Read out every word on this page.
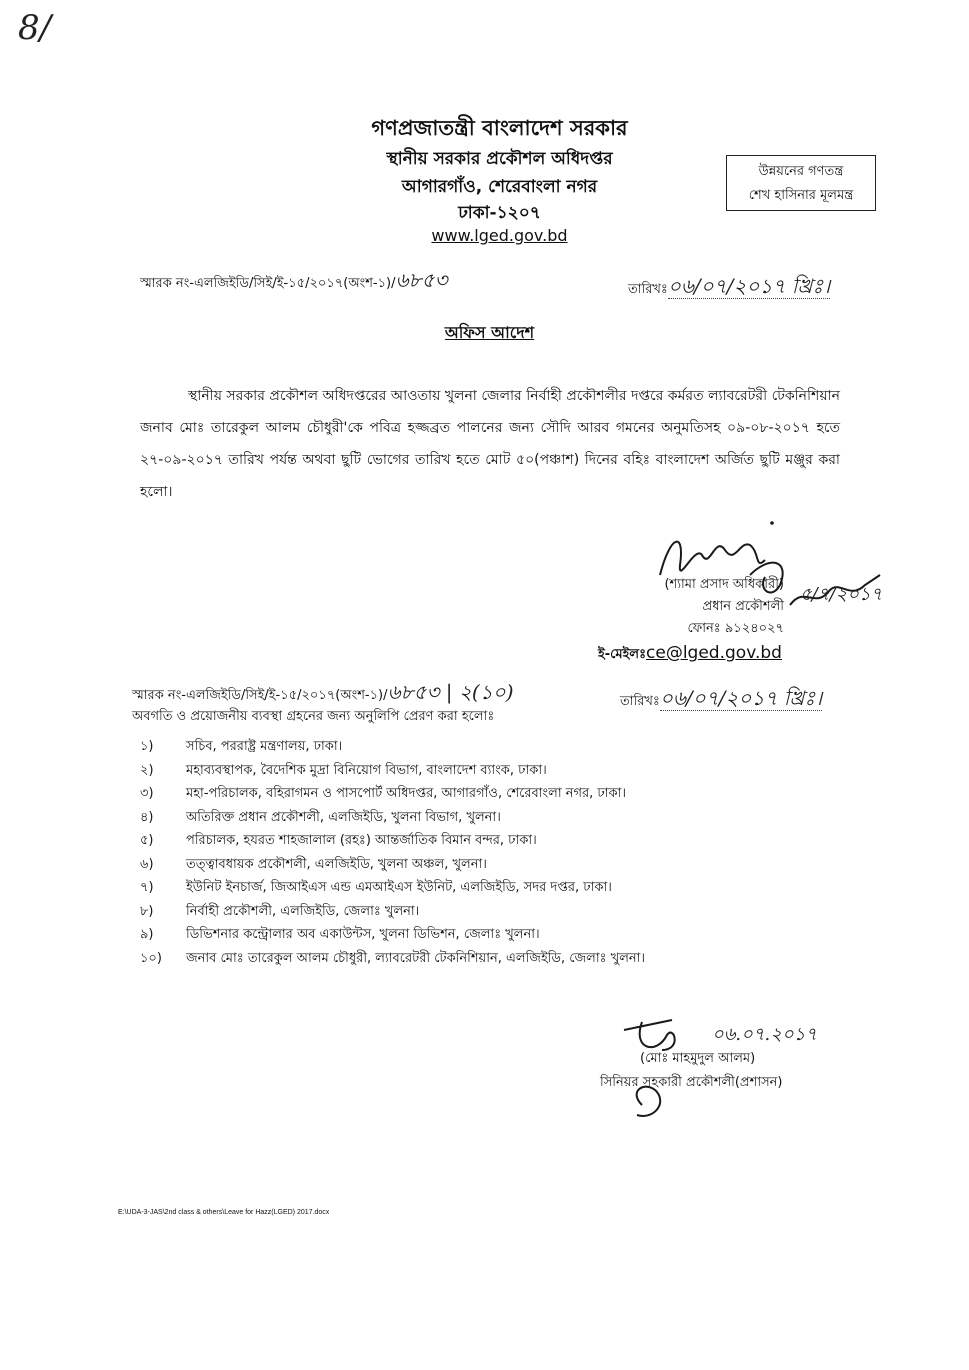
8/
গণপ্রজাতন্ত্রী বাংলাদেশ সরকার
স্থানীয় সরকার প্রকৌশল অধিদপ্তর
আগারগাঁও, শেরেবাংলা নগর
ঢাকা-১২০৭
www.lged.gov.bd
উন্নয়নের গণতন্ত্র
শেখ হাসিনার মূলমন্ত্র
স্মারক নং-এলজিইডি/সিই/ই-১৫/২০১৭(অংশ-১)/৬৮৫৩	তারিখঃ০৬/০৭/২০১৭ খ্রিঃ।
অফিস আদেশ
স্থানীয় সরকার প্রকৌশল অধিদপ্তরের আওতায় খুলনা জেলার নির্বাহী প্রকৌশলীর দপ্তরে কর্মরত ল্যাবরেটরী টেকনিশিয়ান জনাব মোঃ তারেকুল আলম চৌধুরী'কে পবিত্র হজ্জব্রত পালনের জন্য সৌদি আরব গমনের অনুমতিসহ ০৯-০৮-২০১৭ হতে ২৭-০৯-২০১৭ তারিখ পর্যন্ত অথবা ছুটি ভোগের তারিখ হতে মোট ৫০(পঞ্চাশ) দিনের বহিঃ বাংলাদেশ অর্জিত ছুটি মঞ্জুর করা হলো।
৫/৭/২০১৭
(শ্যামা প্রসাদ অধিকারী)
প্রধান প্রকৌশলী
ফোনঃ ৯১২৪০২৭
ই-মেইলঃce@lged.gov.bd
স্মারক নং-এলজিইডি/সিই/ই-১৫/২০১৭(অংশ-১)/৬৮৫৩ | ২(১০)	তারিখঃ০৬/০৭/২০১৭ খ্রিঃ।
অবগতি ও প্রয়োজনীয় ব্যবস্থা গ্রহনের জন্য অনুলিপি প্রেরণ করা হলোঃ
১)	সচিব, পররাষ্ট্র মন্ত্রণালয়, ঢাকা।
২)	মহাব্যবস্থাপক, বৈদেশিক মুদ্রা বিনিয়োগ বিভাগ, বাংলাদেশ ব্যাংক, ঢাকা।
৩)	মহা-পরিচালক, বহিরাগমন ও পাসপোর্ট অধিদপ্তর, আগারগাঁও, শেরেবাংলা নগর, ঢাকা।
৪)	অতিরিক্ত প্রধান প্রকৌশলী, এলজিইডি, খুলনা বিভাগ, খুলনা।
৫)	পরিচালক, হযরত শাহজালাল (রহঃ) আন্তর্জাতিক বিমান বন্দর, ঢাকা।
৬)	তত্ত্বাবধায়ক প্রকৌশলী, এলজিইডি, খুলনা অঞ্চল, খুলনা।
৭)	ইউনিট ইনচার্জ, জিআইএস এন্ড এমআইএস ইউনিট, এলজিইডি, সদর দপ্তর, ঢাকা।
৮)	নির্বাহী প্রকৌশলী, এলজিইডি, জেলাঃ খুলনা।
৯)	ডিভিশনার কন্ট্রোলার অব একাউন্টস, খুলনা ডিভিশন, জেলাঃ খুলনা।
১০)	জনাব মোঃ তারেকুল আলম চৌধুরী, ল্যাবরেটরী টেকনিশিয়ান, এলজিইডি, জেলাঃ খুলনা।
০৬.০৭.২০১৭
(মোঃ মাহমুদুল আলম)
সিনিয়র সহকারী প্রকৌশলী(প্রশাসন)
E:\UDA-3-JAS\2nd class & others\Leave for Hazz(LGED) 2017.docx
